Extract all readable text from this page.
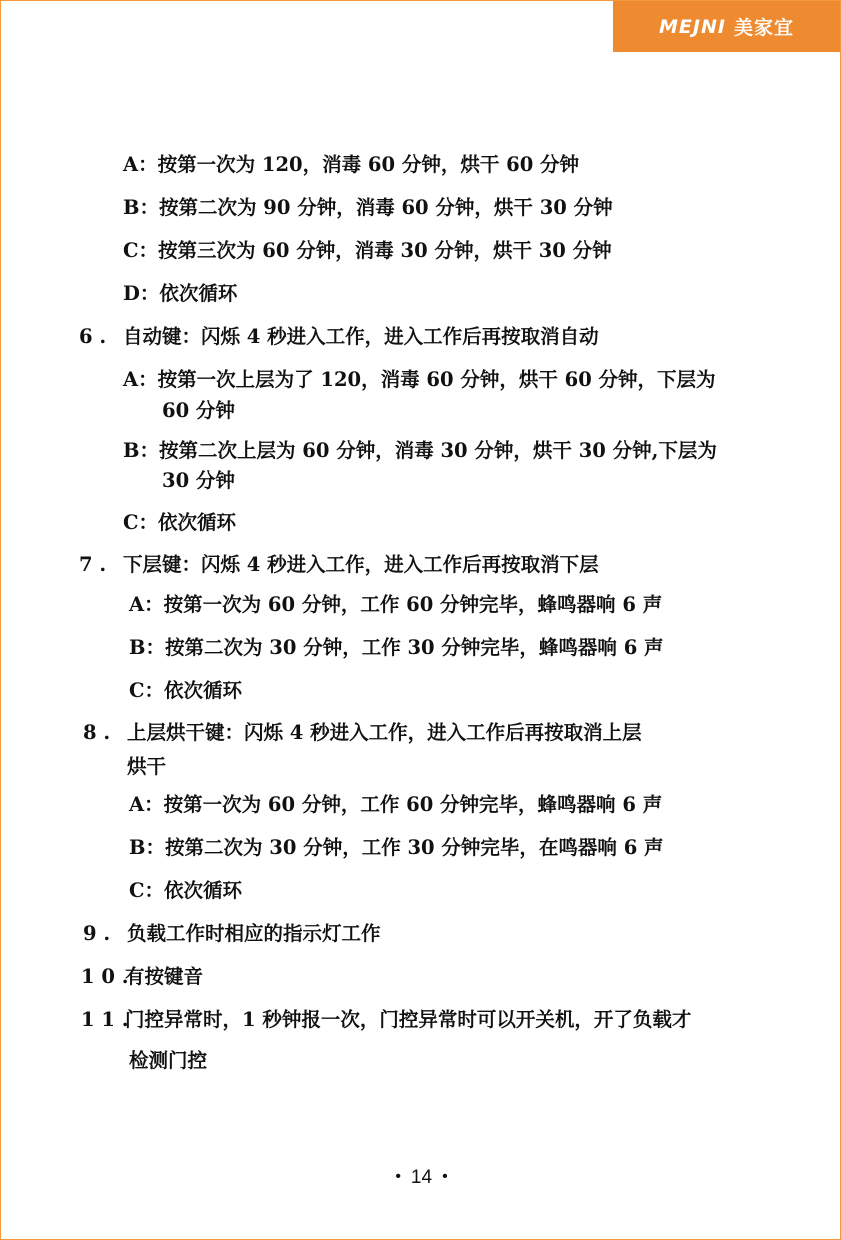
MEJNI 美家宜
A：按第一次为 120，消毒 60 分钟，烘干 60 分钟
B：按第二次为 90 分钟，消毒 60 分钟，烘干 30 分钟
C：按第三次为 60 分钟，消毒 30 分钟，烘干 30 分钟
D：依次循环
6 . 自动键：闪烁 4 秒进入工作，进入工作后再按取消自动
A：按第一次上层为了 120，消毒 60 分钟，烘干 60 分钟，下层为
60 分钟
B：按第二次上层为 60 分钟，消毒 30 分钟，烘干 30 分钟,下层为
30 分钟
C：依次循环
7 . 下层键：闪烁 4 秒进入工作，进入工作后再按取消下层
A：按第一次为 60 分钟，工作 60 分钟完毕，蜂鸣器响 6 声
B：按第二次为 30 分钟，工作 30 分钟完毕，蜂鸣器响 6 声
C：依次循环
8 . 上层烘干键：闪烁 4 秒进入工作，进入工作后再按取消上层
烘干
A：按第一次为 60 分钟，工作 60 分钟完毕，蜂鸣器响 6 声
B：按第二次为 30 分钟，工作 30 分钟完毕，在鸣器响 6 声
C：依次循环
9 . 负载工作时相应的指示灯工作
1 0 .有按键音
1 1 .门控异常时，1 秒钟报一次，门控异常时可以开关机，开了负载才
检测门控
• 14 •
